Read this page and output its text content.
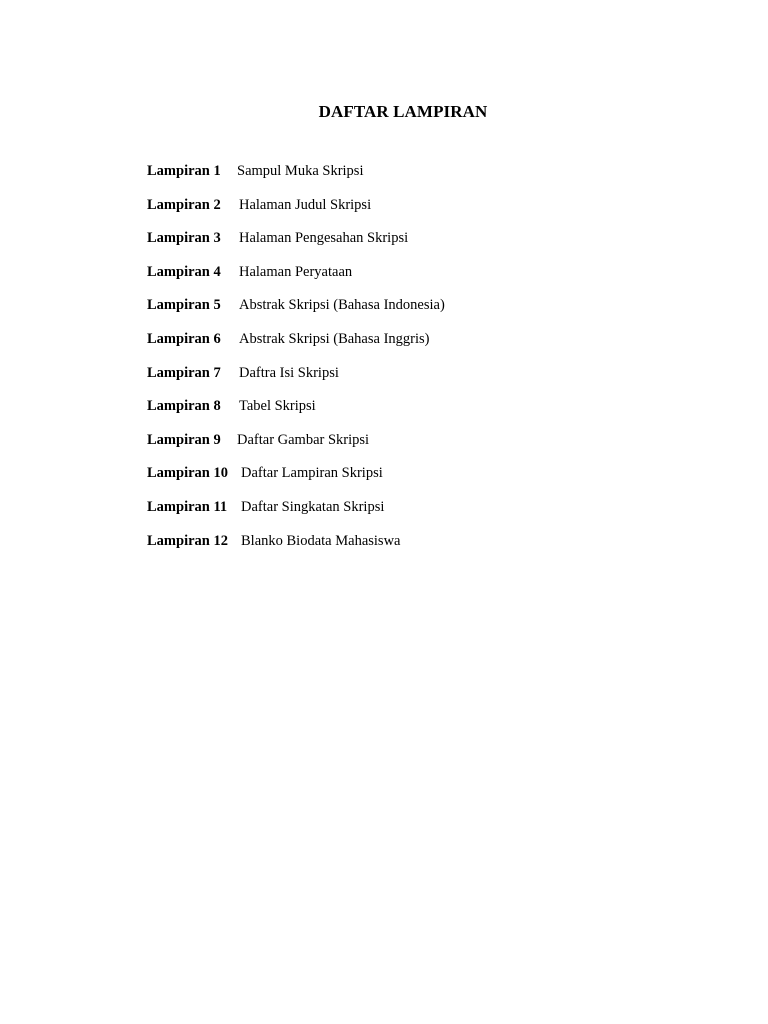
DAFTAR LAMPIRAN
Lampiran 1 Sampul Muka Skripsi
Lampiran 2 Halaman Judul Skripsi
Lampiran 3 Halaman Pengesahan Skripsi
Lampiran 4 Halaman Peryataan
Lampiran 5 Abstrak Skripsi (Bahasa Indonesia)
Lampiran 6 Abstrak Skripsi (Bahasa Inggris)
Lampiran 7 Daftra Isi Skripsi
Lampiran 8 Tabel Skripsi
Lampiran 9 Daftar Gambar Skripsi
Lampiran 10 Daftar Lampiran Skripsi
Lampiran 11 Daftar Singkatan Skripsi
Lampiran 12 Blanko Biodata Mahasiswa
